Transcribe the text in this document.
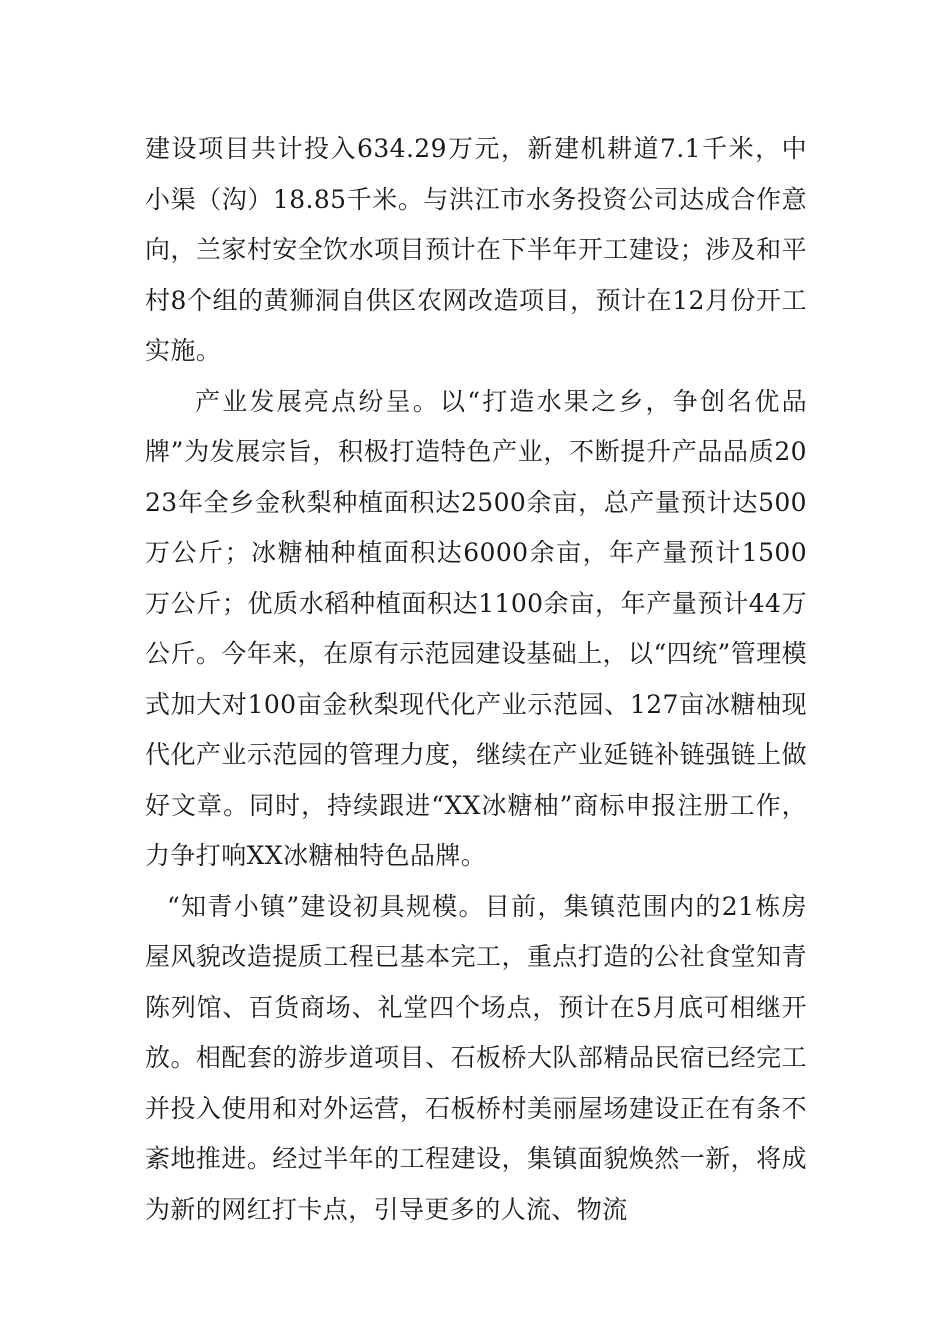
建设项目共计投入634.29万元，新建机耕道7.1千米，中小渠（沟）18.85千米。与洪江市水务投资公司达成合作意向，兰家村安全饮水项目预计在下半年开工建设；涉及和平村8个组的黄狮洞自供区农网改造项目，预计在12月份开工实施。

产业发展亮点纷呈。以“打造水果之乡，争创名优品牌”为发展宗旨，积极打造特色产业，不断提升产品品质2023年全乡金秋梨种植面积达2500余亩，总产量预计达500万公斤；冰糖柚种植面积达6000余亩，年产量预计1500万公斤；优质水稻种植面积达1100余亩，年产量预计44万公斤。今年来，在原有示范园建设基础上，以“四统”管理模式加大对100亩金秋梨现代化产业示范园、127亩冰糖柚现代化产业示范园的管理力度，继续在产业延链补链强链上做好文章。同时，持续跟进“XX冰糖柚”商标申报注册工作，力争打响XX冰糖柚特色品牌。

“知青小镇”建设初具规模。目前，集镇范围内的21栋房屋风貌改造提质工程已基本完工，重点打造的公社食堂知青陈列馆、百货商场、礼堂四个场点，预计在5月底可相继开放。相配套的游步道项目、石板桥大队部精品民宿已经完工并投入使用和对外运营，石板桥村美丽屋场建设正在有条不紊地推进。经过半年的工程建设，集镇面貌焕然一新，将成为新的网红打卡点，引导更多的人流、物流
